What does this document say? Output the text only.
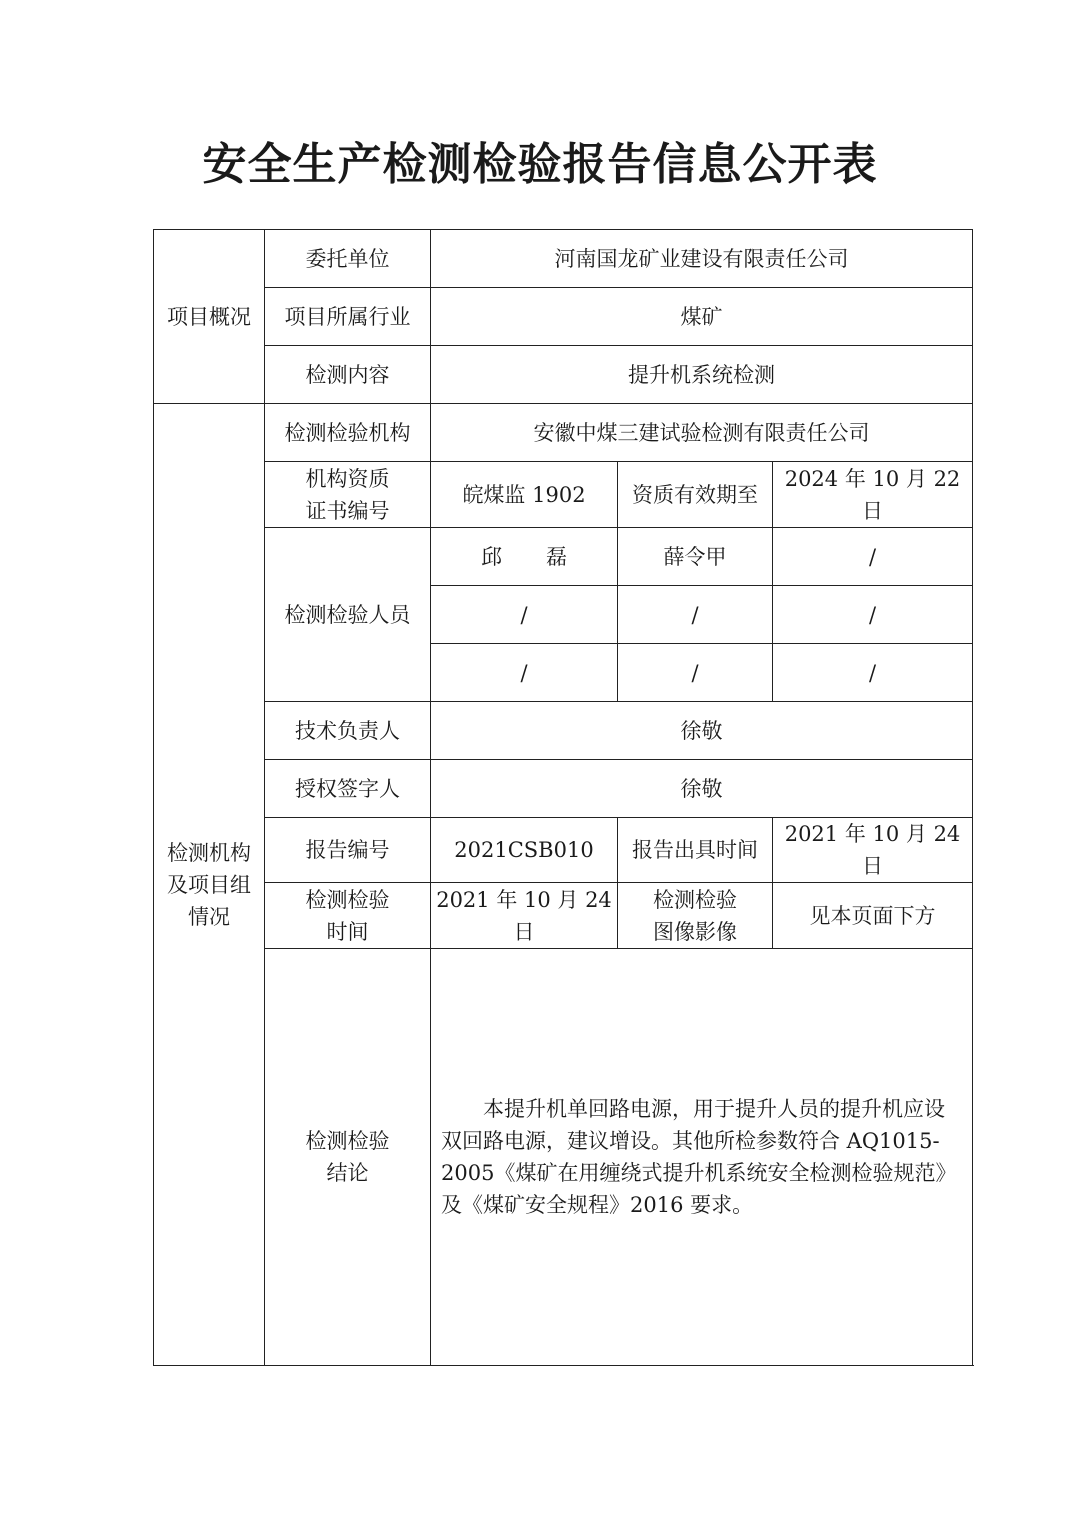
安全生产检测检验报告信息公开表
项目概况	委托单位	河南国龙矿业建设有限责任公司		
	项目所属行业	煤矿		
	检测内容	提升机系统检测		

检测机构
及项目组
情况	检测检验机构	安徽中煤三建试验检测有限责任公司		

	机构资质
证书编号	皖煤监 1902	资质有效期至	2024 年 10 月 22 日
	检测检验人员	邱 磊	薛令甲	/
		/	/	/
		/	/	/
	技术负责人	徐敬		
	授权签字人	徐敬		
	报告编号	2021CSB010	报告出具时间	2021 年 10 月 24 日

	检测检验
时间	2021 年 10 月 24 日	检测检验
图像影像	见本页面下方

	检测检验
结论	本提升机单回路电源，用于提升人员的提升机应设双回路电源，建议增设。其他所检参数符合 AQ1015-2005《煤矿在用缠绕式提升机系统安全检测检验规范》及《煤矿安全规程》2016 要求。		
